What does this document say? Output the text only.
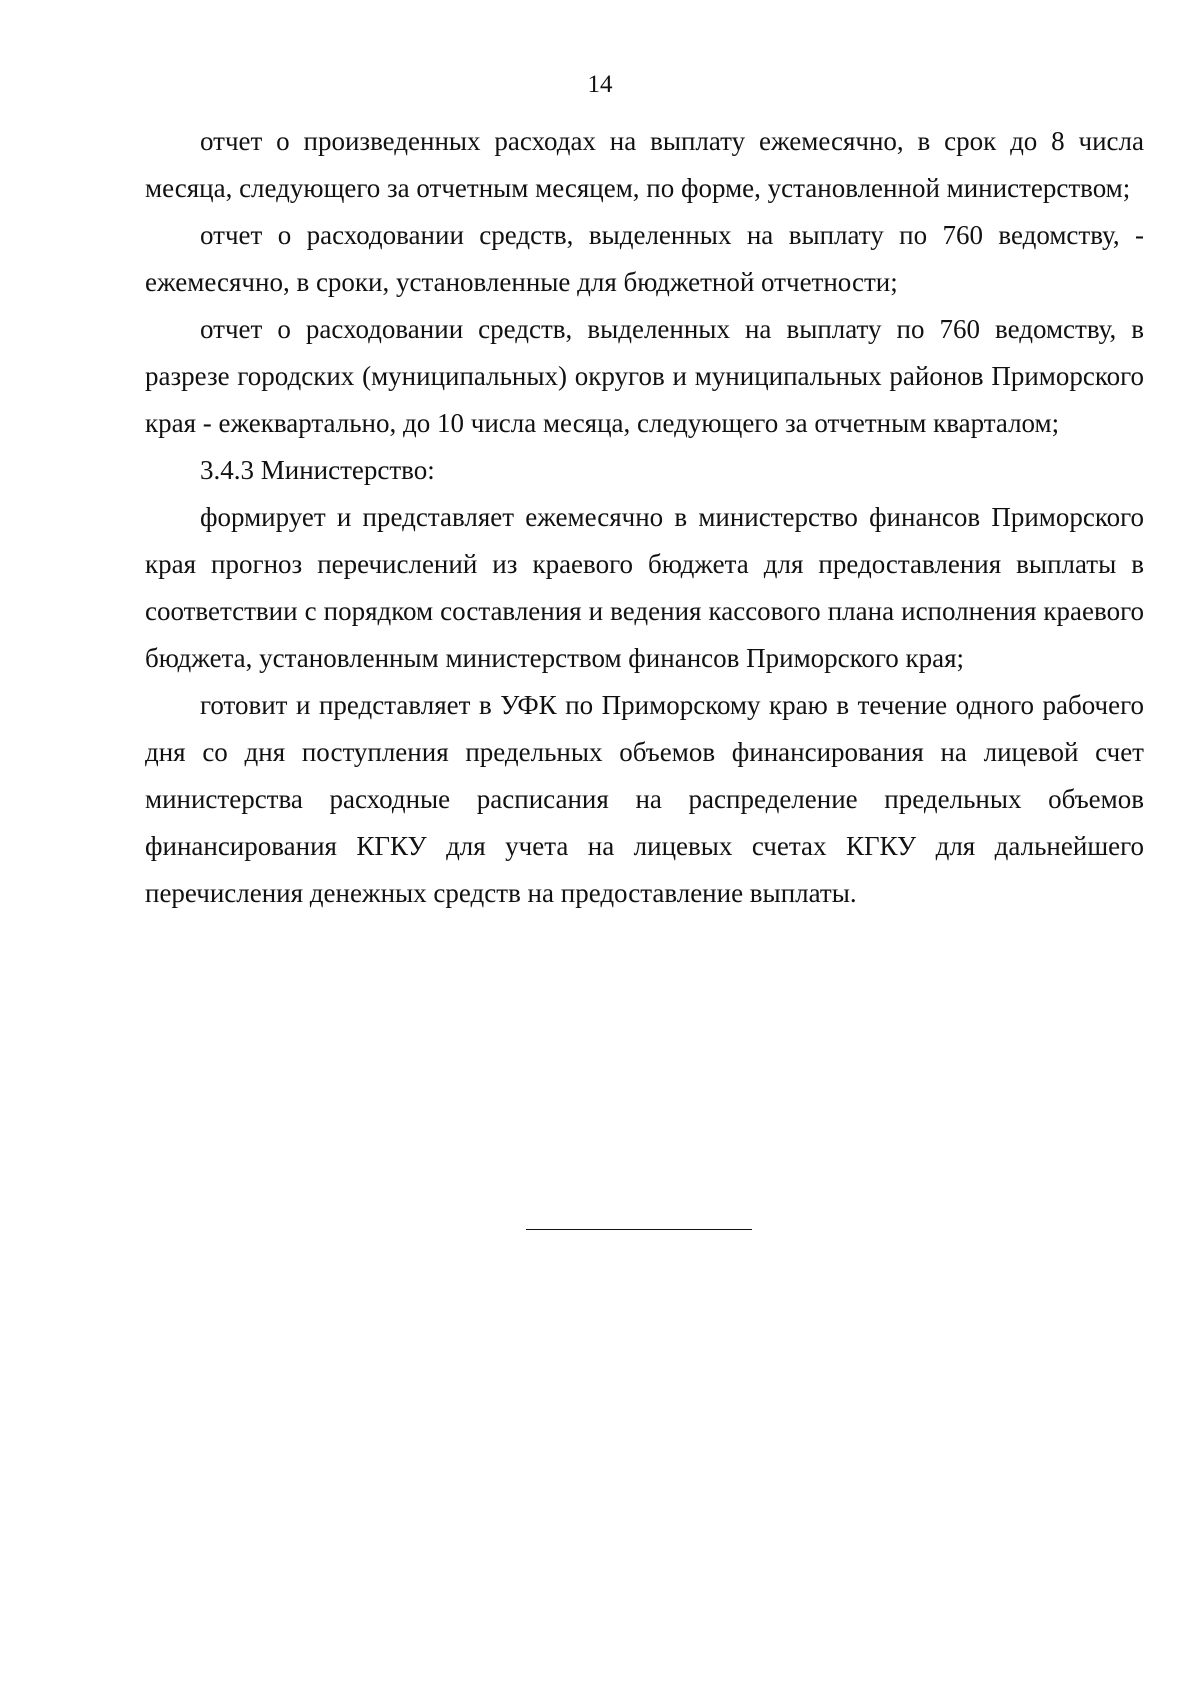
14

отчет о произведенных расходах на выплату ежемесячно, в срок до 8 числа месяца, следующего за отчетным месяцем, по форме, установленной министерством;

отчет о расходовании средств, выделенных на выплату по 760 ведомству, - ежемесячно, в сроки, установленные для бюджетной отчетности;

отчет о расходовании средств, выделенных на выплату по 760 ведомству, в разрезе городских (муниципальных) округов и муниципальных районов Приморского края - ежеквартально, до 10 числа месяца, следующего за отчетным кварталом;

3.4.3 Министерство:

формирует и представляет ежемесячно в министерство финансов Приморского края прогноз перечислений из краевого бюджета для предоставления выплаты в соответствии с порядком составления и ведения кассового плана исполнения краевого бюджета, установленным министерством финансов Приморского края;

готовит и представляет в УФК по Приморскому краю в течение одного рабочего дня со дня поступления предельных объемов финансирования на лицевой счет министерства расходные расписания на распределение предельных объемов финансирования КГКУ для учета на лицевых счетах КГКУ для дальнейшего перечисления денежных средств на предоставление выплаты.
